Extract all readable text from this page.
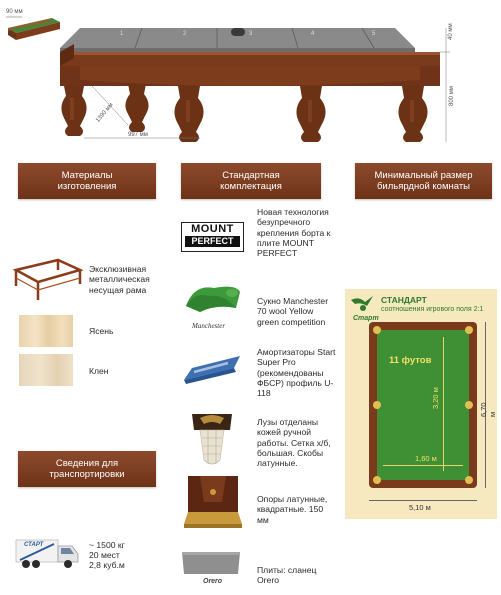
90 мм
40 мм
800 мм
1390 мм
997 мм
1	2	3	4	5
Материалы
изготовления
Стандартная
комплектация
Минимальный размер
бильярдной комнаты
Сведения для
транспортировки
Эксклюзивная металлическая несущая рама
Ясень
Клен
СТАРТ	~ 1500 кг
20 мест
2,8 куб.м
MOUNT
PERFECT
Новая технология безупречного крепления борта к плите MOUNT PERFECT
Manchester
Сукно Manchester 70 wool Yellow green competition
Амортизаторы Start Super Pro (рекомендованы ФБСР) профиль U-118
Лузы отделаны кожей ручной работы. Сетка х/б, большая. Скобы латунные.
Опоры латунные, квадратные. 150 мм
Orero
Плиты: сланец Orero
Старт
СТАНДАРТ
соотношения игрового поля 2:1
11 футов
3,20 м
1,60 м
6,70 м
5,10 м
